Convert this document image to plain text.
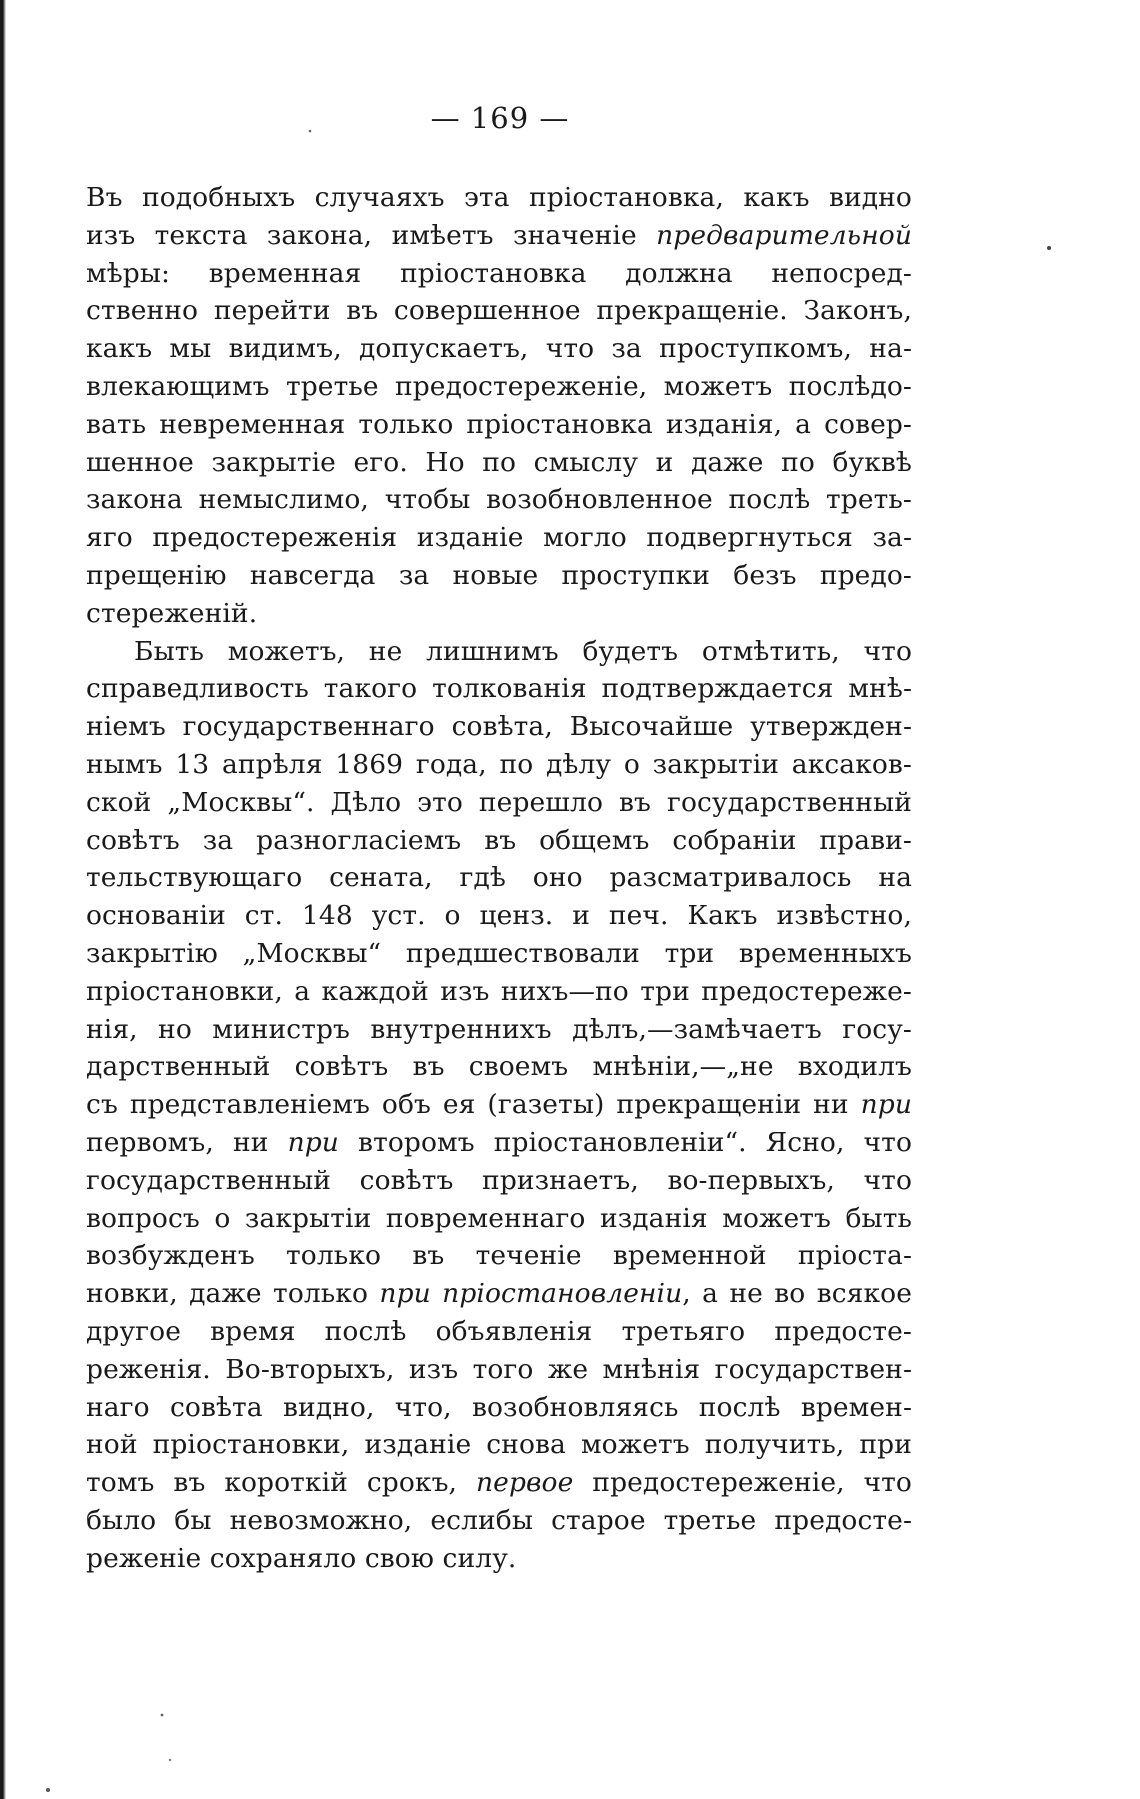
— 169 —
Въ подобныхъ случаяхъ эта пріостановка, какъ видно
изъ текста закона, имѣетъ значеніе предварительной
мѣры: временная пріостановка должна непосред-
ственно перейти въ совершенное прекращеніе. Законъ,
какъ мы видимъ, допускаетъ, что за проступкомъ, на-
влекающимъ третье предостереженіе, можетъ послѣдо-
вать невременная только пріостановка изданія, а совер-
шенное закрытіе его. Но по смыслу и даже по буквѣ
закона немыслимо, чтобы возобновленное послѣ треть-
яго предостереженія изданіе могло подвергнуться за-
прещенію навсегда за новые проступки безъ предо-
стереженій.
Быть можетъ, не лишнимъ будетъ отмѣтить, что
справедливость такого толкованія подтверждается мнѣ-
ніемъ государственнаго совѣта, Высочайше утвержден-
нымъ 13 апрѣля 1869 года, по дѣлу о закрытіи аксаков-
ской „Москвы“. Дѣло это перешло въ государственный
совѣтъ за разногласіемъ въ общемъ собраніи прави-
тельствующаго сената, гдѣ оно разсматривалось на
основаніи ст. 148 уст. о ценз. и печ. Какъ извѣстно,
закрытію „Москвы“ предшествовали три временныхъ
пріостановки, а каждой изъ нихъ—по три предостереже-
нія, но министръ внутреннихъ дѣлъ,—замѣчаетъ госу-
дарственный совѣтъ въ своемъ мнѣніи,—„не входилъ
съ представленіемъ объ ея (газеты) прекращеніи ни при
первомъ, ни при второмъ пріостановленіи“. Ясно, что
государственный совѣтъ признаетъ, во-первыхъ, что
вопросъ о закрытіи повременнаго изданія можетъ быть
возбужденъ только въ теченіе временной пріоста-
новки, даже только при пріостановленіи, а не во всякое
другое время послѣ объявленія третьяго предосте-
реженія. Во-вторыхъ, изъ того же мнѣнія государствен-
наго совѣта видно, что, возобновляясь послѣ времен-
ной пріостановки, изданіе снова можетъ получить, при
томъ въ короткій срокъ, первое предостереженіе, что
было бы невозможно, еслибы старое третье предосте-
реженіе сохраняло свою силу.
